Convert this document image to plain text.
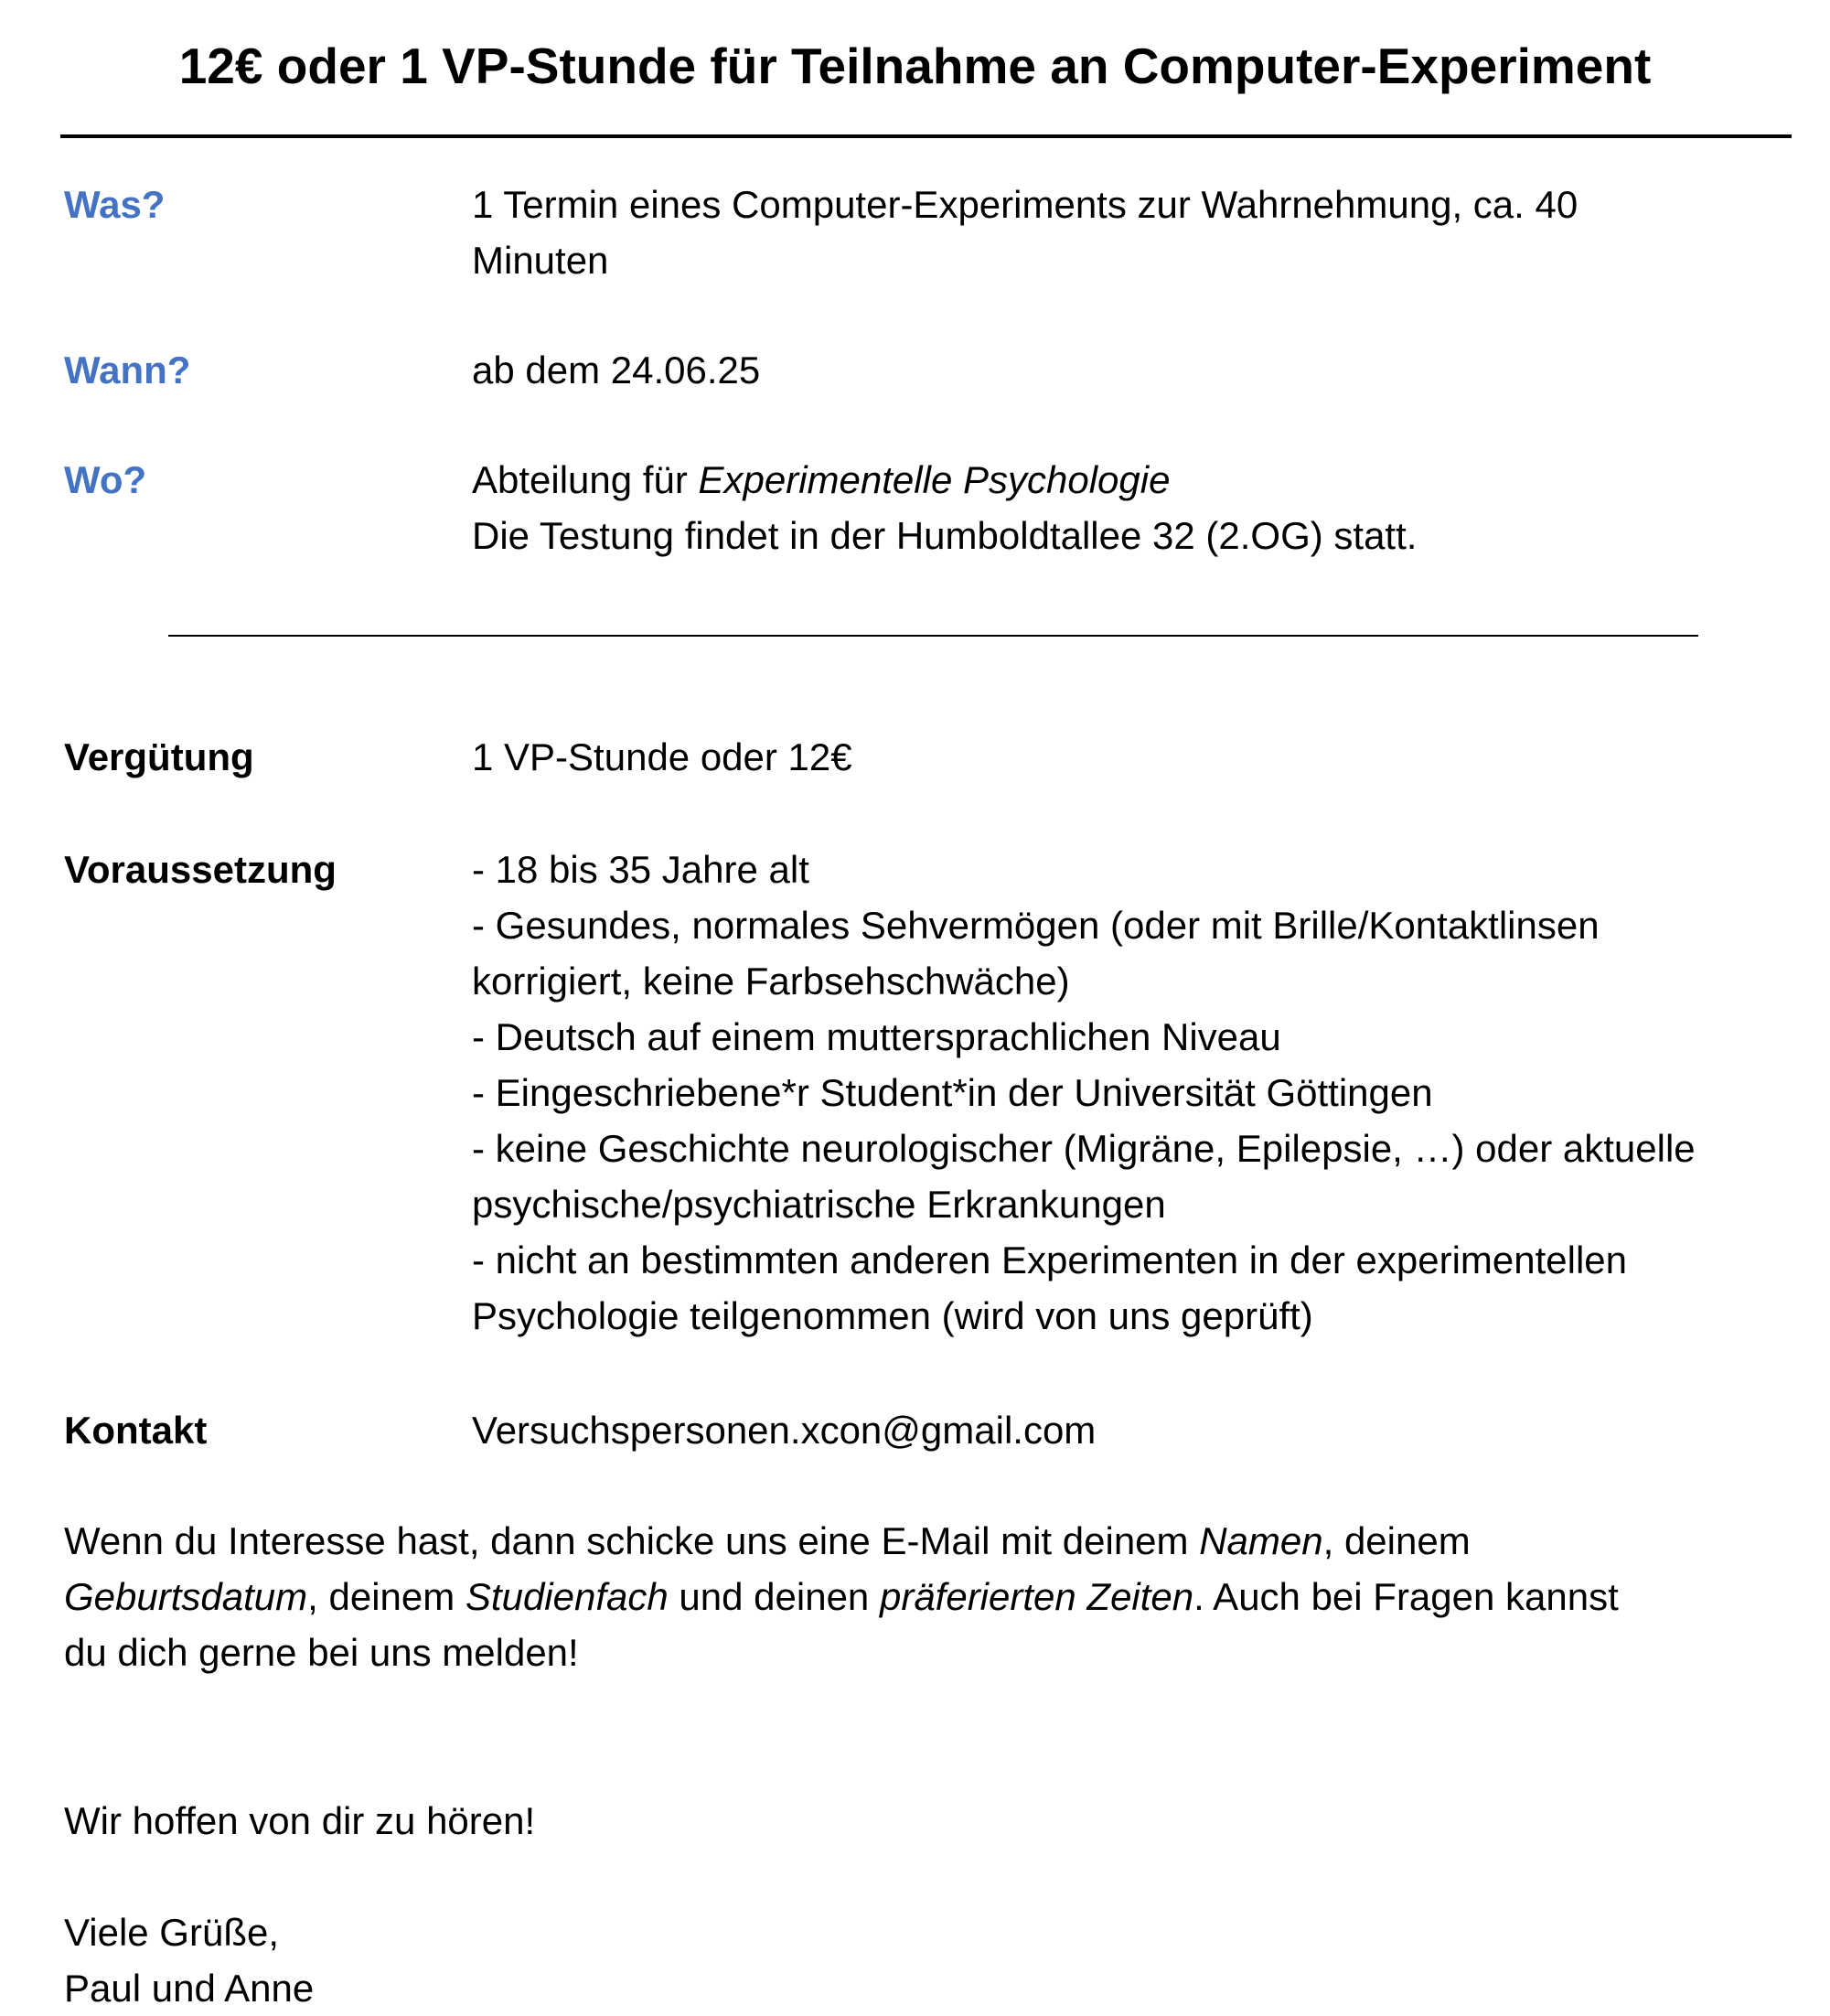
12€ oder 1 VP-Stunde für Teilnahme an Computer-Experiment
Was?	1 Termin eines Computer-Experiments zur Wahrnehmung, ca. 40
Minuten
Wann?	ab dem 24.06.25
Wo?	Abteilung für Experimentelle Psychologie
Die Testung findet in der Humboldtallee 32 (2.OG) statt.
Vergütung	1 VP-Stunde oder 12€
Voraussetzung	- 18 bis 35 Jahre alt
- Gesundes, normales Sehvermögen (oder mit Brille/Kontaktlinsen
korrigiert, keine Farbsehschwäche)
- Deutsch auf einem muttersprachlichen Niveau
- Eingeschriebene*r Student*in der Universität Göttingen
- keine Geschichte neurologischer (Migräne, Epilepsie, …) oder aktuelle
psychische/psychiatrische Erkrankungen
- nicht an bestimmten anderen Experimenten in der experimentellen
Psychologie teilgenommen (wird von uns geprüft)
Kontakt	Versuchspersonen.xcon@gmail.com
Wenn du Interesse hast, dann schicke uns eine E-Mail mit deinem Namen, deinem
Geburtsdatum, deinem Studienfach und deinen präferierten Zeiten. Auch bei Fragen kannst
du dich gerne bei uns melden!
Wir hoffen von dir zu hören!
Viele Grüße,
Paul und Anne
